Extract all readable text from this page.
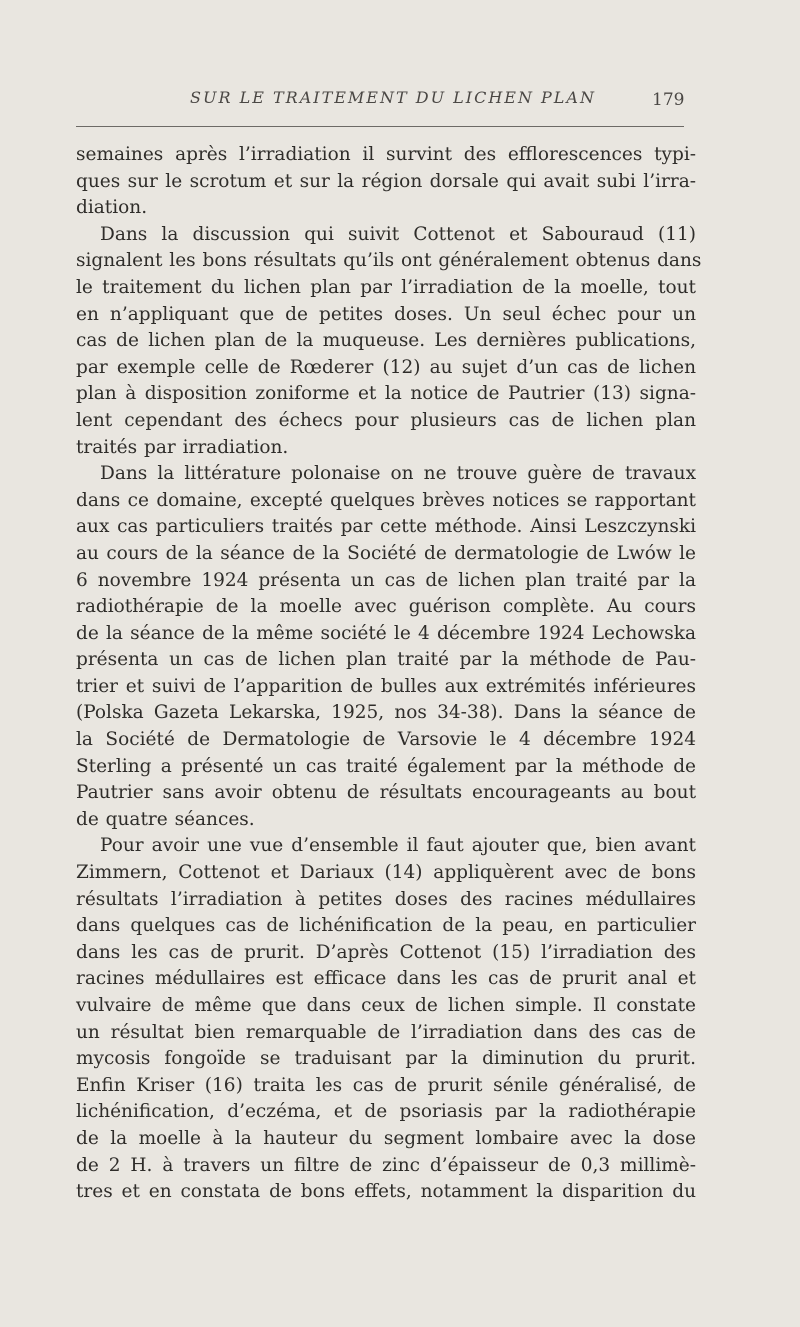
SUR LE TRAITEMENT DU LICHEN PLAN	179
semaines après l’irradiation il survint des efflorescences typi-
ques sur le scrotum et sur la région dorsale qui avait subi l’irra-
diation.
Dans la discussion qui suivit Cottenot et Sabouraud (11)
signalent les bons résultats qu’ils ont généralement obtenus dans
le traitement du lichen plan par l’irradiation de la moelle, tout
en n’appliquant que de petites doses. Un seul échec pour un
cas de lichen plan de la muqueuse. Les dernières publications,
par exemple celle de Rœderer (12) au sujet d’un cas de lichen
plan à disposition zoniforme et la notice de Pautrier (13) signa-
lent cependant des échecs pour plusieurs cas de lichen plan
traités par irradiation.
Dans la littérature polonaise on ne trouve guère de travaux
dans ce domaine, excepté quelques brèves notices se rapportant
aux cas particuliers traités par cette méthode. Ainsi Leszczynski
au cours de la séance de la Société de dermatologie de Lwów le
6 novembre 1924 présenta un cas de lichen plan traité par la
radiothérapie de la moelle avec guérison complète. Au cours
de la séance de la même société le 4 décembre 1924 Lechowska
présenta un cas de lichen plan traité par la méthode de Pau-
trier et suivi de l’apparition de bulles aux extrémités inférieures
(Polska Gazeta Lekarska, 1925, nos 34-38). Dans la séance de
la Société de Dermatologie de Varsovie le 4 décembre 1924
Sterling a présenté un cas traité également par la méthode de
Pautrier sans avoir obtenu de résultats encourageants au bout
de quatre séances.
Pour avoir une vue d’ensemble il faut ajouter que, bien avant
Zimmern, Cottenot et Dariaux (14) appliquèrent avec de bons
résultats l’irradiation à petites doses des racines médullaires
dans quelques cas de lichénification de la peau, en particulier
dans les cas de prurit. D’après Cottenot (15) l’irradiation des
racines médullaires est efficace dans les cas de prurit anal et
vulvaire de même que dans ceux de lichen simple. Il constate
un résultat bien remarquable de l’irradiation dans des cas de
mycosis fongoïde se traduisant par la diminution du prurit.
Enfin Kriser (16) traita les cas de prurit sénile généralisé, de
lichénification, d’eczéma, et de psoriasis par la radiothérapie
de la moelle à la hauteur du segment lombaire avec la dose
de 2 H. à travers un filtre de zinc d’épaisseur de 0,3 millimè-
tres et en constata de bons effets, notamment la disparition du
